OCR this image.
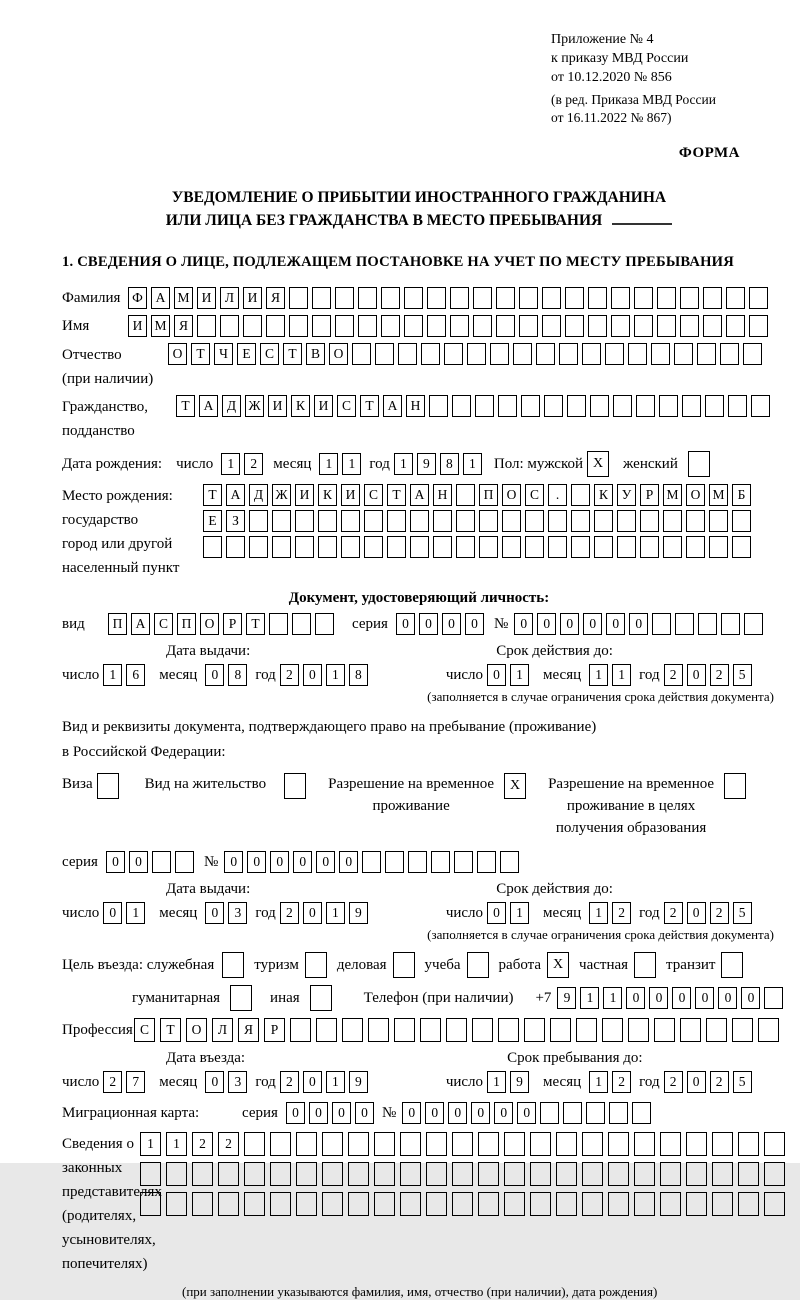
Приложение № 4
к приказу МВД России
от 10.12.2020 № 856
(в ред. Приказа МВД России
от 16.11.2022 № 867)
ФОРМА
УВЕДОМЛЕНИЕ О ПРИБЫТИИ ИНОСТРАННОГО ГРАЖДАНИНА
ИЛИ ЛИЦА БЕЗ ГРАЖДАНСТВА В МЕСТО ПРЕБЫВАНИЯ
1. СВЕДЕНИЯ О ЛИЦЕ, ПОДЛЕЖАЩЕМ ПОСТАНОВКЕ НА УЧЕТ ПО МЕСТУ ПРЕБЫВАНИЯ
Фамилия Ф А М И	Л	И	Я
Имя	И М Я
Отчество
(при наличии)
О	Т	Ч	Е	С	Т	В	О
Гражданство,
подданство
Т	А	Д Ж И	К	И	С	Т	А Н
Дата рождения: число	1	2	месяц	1	1 год 1	9	8	1	Пол: мужской X	женский
Место рождения:
государство
город или другой
населенный пункт
Т	А	Д Ж И	К	И	С	Т	А Н	П О	С	.	К	У	Р М О М Б
Е	З
Документ, удостоверяющий личность:
вид	П А	С	П О	Р	Т	серия	0	0	0	0	№ 0	0	0	0	0	0
Дата выдачи:	Срок действия до:
число 1	6	месяц	0	8 год 2	0	1	8	число 0	1	месяц	1	1 год 2	0	2	5
(заполняется в случае ограничения срока действия документа)
Вид и реквизиты документа, подтверждающего право на пребывание (проживание)
в Российской Федерации:
Виза	Вид на жительство	Разрешение на временное
проживание
X	Разрешение на временное
проживание в целях
получения образования
серия	0	0	№ 0	0	0	0	0	0
Дата выдачи:	Срок действия до:
число 0	1	месяц	0	3 год 2	0	1	9	число 0	1	месяц	1	2 год 2	0	2	5
(заполняется в случае ограничения срока действия документа)
Цель въезда: служебная	туризм	деловая	учеба	работа X	частная	транзит
гуманитарная	иная	Телефон (при наличии) +7 9	1	1	0	0	0	0	0	0
Профессия С	Т	О	Л	Я	Р
Дата въезда:	Срок пребывания до:
число 2	7	месяц	0	3 год 2	0	1	9	число 1	9	месяц	1	2 год 2	0	2	5
Миграционная карта:	серия	0	0	0	0 № 0	0	0	0	0	0
Сведения о
законных
представителях
(родителях,
усыновителях,
попечителях)
1	1	2	2
(при заполнении указываются фамилия, имя, отчество (при наличии), дата рождения)
